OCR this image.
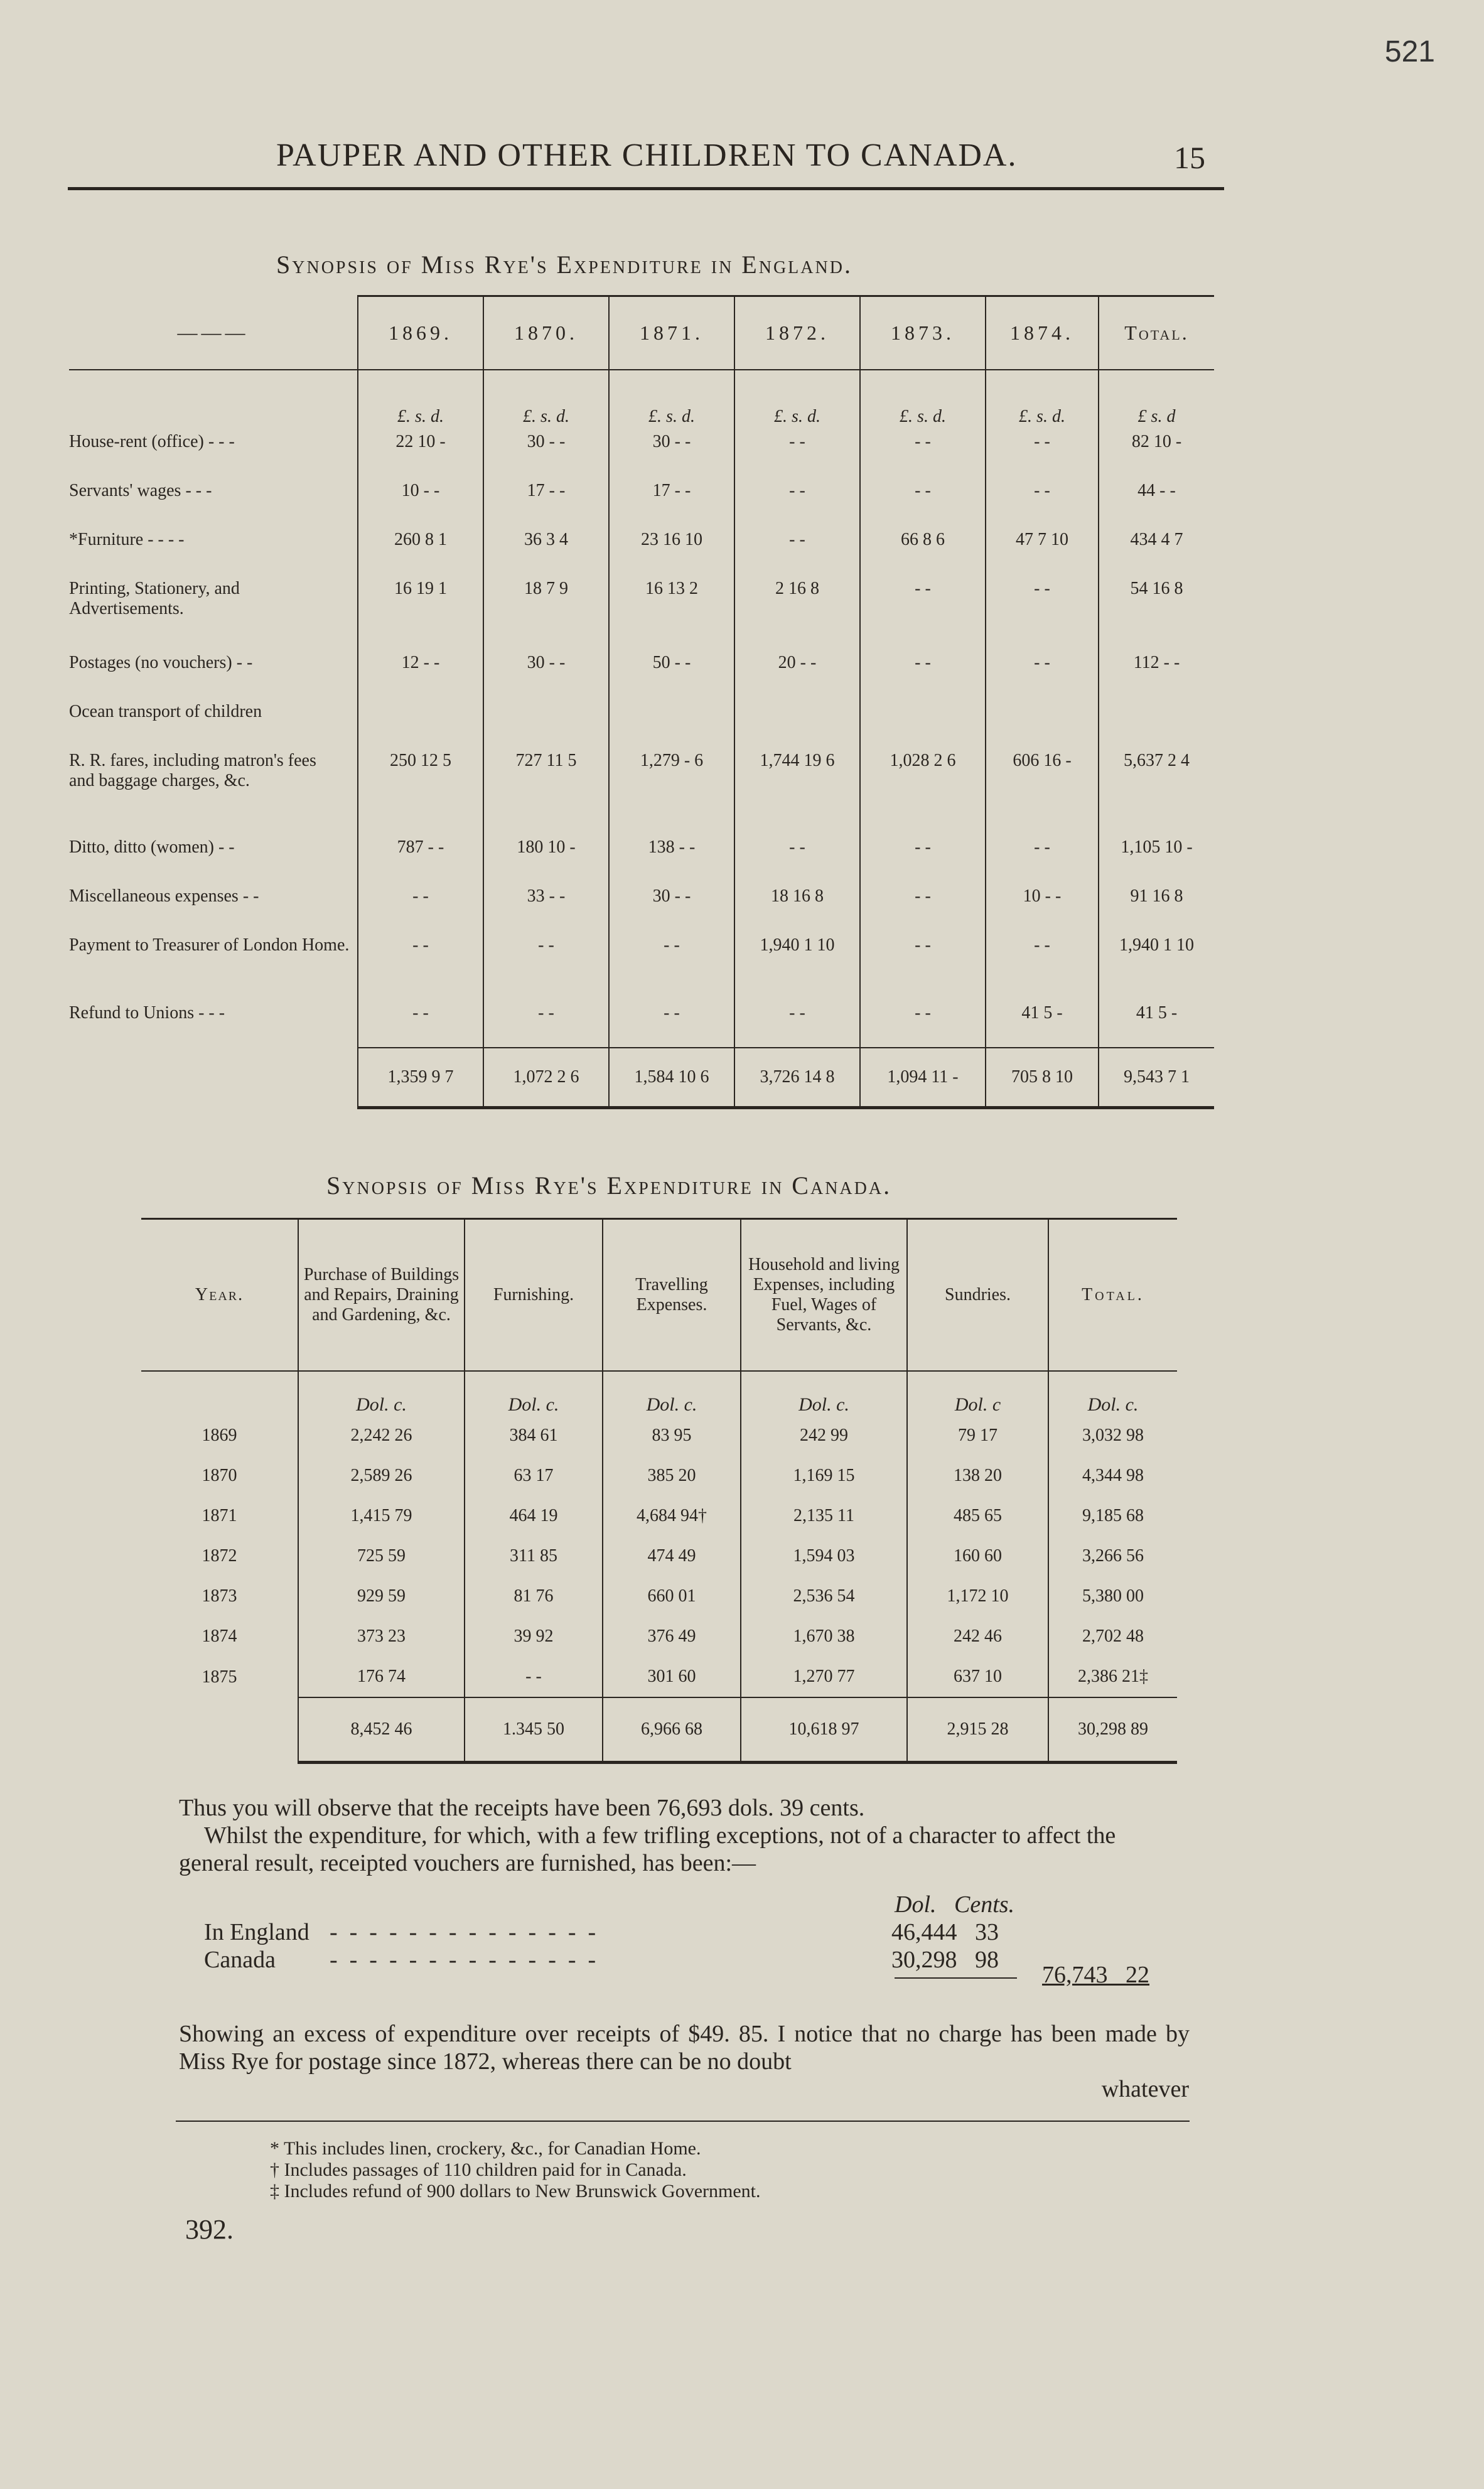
521
PAUPER AND OTHER CHILDREN TO CANADA.	15
Synopsis of Miss Rye's Expenditure in England.
———	1869.	1870.	1871.	1872.	1873.	1874.	Total.
	£. s. d.	£. s. d.	£. s. d.	£. s. d.	£. s. d.	£. s. d.	£ s. d
House-rent (office) - - -	22 10 -	30 - -	30 - -	- -	- -	- -	82 10 -
Servants' wages - - -	10 - -	17 - -	17 - -	- -	- -	- -	44 - -
*Furniture - - - -	260 8 1	36 3 4	23 16 10	- -	66 8 6	47 7 10	434 4 7
Printing, Stationery, and Advertisements.	16 19 1	18 7 9	16 13 2	2 16 8	- -	- -	54 16 8
Postages (no vouchers) - -	12 - -	30 - -	50 - -	20 - -	- -	- -	112 - -
Ocean transport of children							
R. R. fares, including matron's fees and baggage charges, &c.	250 12 5	727 11 5	1,279 - 6	1,744 19 6	1,028 2 6	606 16 -	5,637 2 4
Ditto, ditto (women) - -	787 - -	180 10 -	138 - -	- -	- -	- -	1,105 10 -
Miscellaneous expenses - -	- -	33 - -	30 - -	18 16 8	- -	10 - -	91 16 8
Payment to Treasurer of London Home.	- -	- -	- -	1,940 1 10	- -	- -	1,940 1 10
Refund to Unions - - -	- -	- -	- -	- -	- -	41 5 -	41 5 -
	1,359 9 7	1,072 2 6	1,584 10 6	3,726 14 8	1,094 11 -	705 8 10	9,543 7 1
Synopsis of Miss Rye's Expenditure in Canada.
Year.	Purchase of Buildings and Repairs, Draining and Gardening, &c.	Furnishing.	Travelling Expenses.	Household and living Expenses, including Fuel, Wages of Servants, &c.	Sundries.	Total.
	Dol. c.	Dol. c.	Dol. c.	Dol. c.	Dol. c	Dol. c.
1869	2,242 26	384 61	83 95	242 99	79 17	3,032 98
1870	2,589 26	63 17	385 20	1,169 15	138 20	4,344 98
1871	1,415 79	464 19	4,684 94†	2,135 11	485 65	9,185 68
1872	725 59	311 85	474 49	1,594 03	160 60	3,266 56
1873	929 59	81 76	660 01	2,536 54	1,172 10	5,380 00
1874	373 23	39 92	376 49	1,670 38	242 46	2,702 48
1875	176 74	- -	301 60	1,270 77	637 10	2,386 21‡
	8,452 46	1.345 50	6,966 68	10,618 97	2,915 28	30,298 89
Thus you will observe that the receipts have been 76,693 dols. 39 cents.
Whilst the expenditure, for which, with a few trifling exceptions, not of a character to affect the general result, receipted vouchers are furnished, has been:—
Dol.   Cents.
In England -  -  -  -  -  -  -  -  -  -  -  -  -  -	46,444   33
Canada -  -  -  -  -  -  -  -  -  -  -  -  -  -	30,298   98
76,743   22
Showing an excess of expenditure over receipts of $49. 85. I notice that no charge has been made by Miss Rye for postage since 1872, whereas there can be no doubt
whatever
* This includes linen, crockery, &c., for Canadian Home.
† Includes passages of 110 children paid for in Canada.
‡ Includes refund of 900 dollars to New Brunswick Government.
392.
